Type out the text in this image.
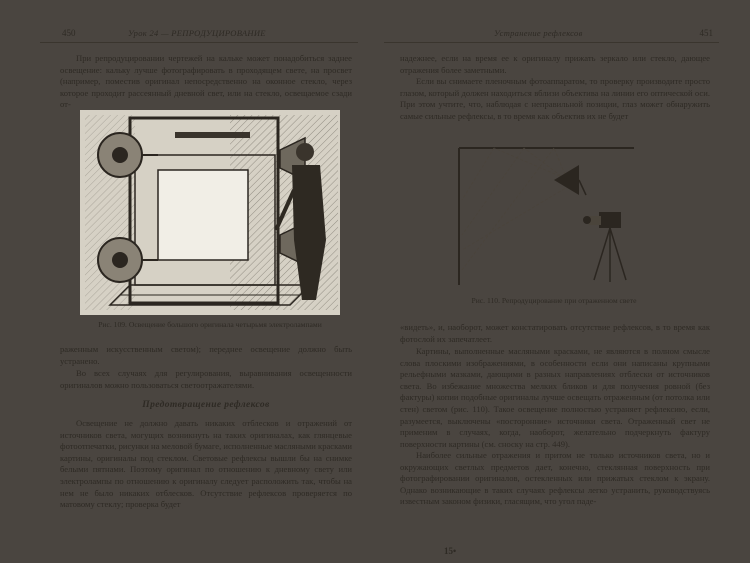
450	Урок 24 — РЕПРОДУЦИРОВАНИЕ

При репродуцировании чертежей на кальке может понадобиться заднее освещение: кальку лучше фотографировать в проходящем свете, на просвет (например, поместив оригинал непосредственно на оконное стекло, через которое проходит рассеянный дневной свет, или на стекло, освещаемое сзади от-

Рис. 109. Освещение большого оригинала четырьмя электролампами

раженным искусственным светом); переднее освещение должно быть устранено.

Во всех случаях для регулирования, выравнивания освещенности оригиналов можно пользоваться светоотражателями.

Предотвращение рефлексов

Освещение не должно давать никаких отблесков и отражений от источников света, могущих возникнуть на таких оригиналах, как глянцевые фотоотпечатки, рисунки на меловой бумаге, исполненные масляными красками картины, оригиналы под стеклом. Световые рефлексы вышли бы на снимке белыми пятнами. Поэтому оригинал по отношению к дневному свету или электролампы по отношению к оригиналу следует расположить так, чтобы на нем не было никаких отблесков. Отсутствие рефлексов проверяется по матовому стеклу; проверка будет

Устранение рефлексов	451

надежнее, если на время ее к оригиналу прижать зеркало или стекло, дающее отражения более заметными.

Если вы снимаете пленочным фотоаппаратом, то проверку производите просто глазом, который должен находиться вблизи объектива на линии его оптической оси. При этом учтите, что, наблюдая с неправильной позиции, глаз может обнаружить самые сильные рефлексы, в то время как объектив их не будет

Рис. 110. Репродуцирование при отраженном свете

«видеть», и, наоборот, может констатировать отсутствие рефлексов, в то время как фотослой их запечатлеет.

Картины, выполненные масляными красками, не являются в полном смысле слова плоскими изображениями, в особенности если они написаны крупными рельефными мазками, дающими в разных направлениях отблески от источников света. Во избежание множества мелких бликов и для получения ровной (без фактуры) копии подобные оригиналы лучше освещать отраженным (от потолка или стен) светом (рис. 110). Такое освещение полностью устраняет рефлексию, если, разумеется, выключены «посторонние» источники света. Отраженный свет не применим в случаях, когда, наоборот, желательно подчеркнуть фактуру поверхности картины (см. сноску на стр. 449).

Наиболее сильные отражения и притом не только источников света, но и окружающих светлых предметов дает, конечно, стеклянная поверхность при фотографировании оригиналов, остекленных или прижатых стеклом к экрану. Однако возникающие в таких случаях рефлексы легко устранить, руководствуясь известным законом физики, гласящим, что угол паде-

15•
